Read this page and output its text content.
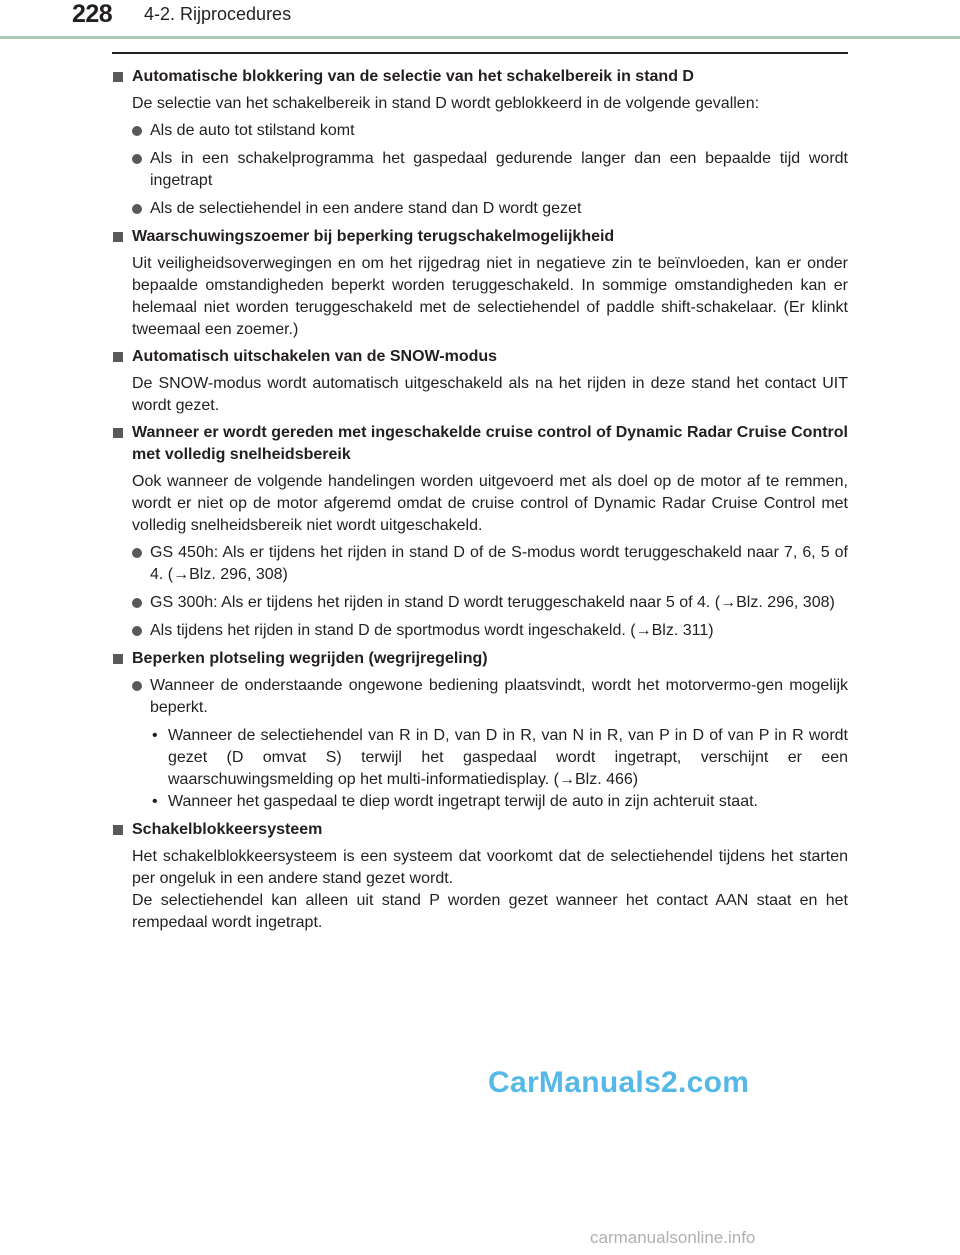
228 4-2. Rijprocedures
Automatische blokkering van de selectie van het schakelbereik in stand D
De selectie van het schakelbereik in stand D wordt geblokkeerd in de volgende gevallen:
Als de auto tot stilstand komt
Als in een schakelprogramma het gaspedaal gedurende langer dan een bepaalde tijd wordt ingetrapt
Als de selectiehendel in een andere stand dan D wordt gezet
Waarschuwingszoemer bij beperking terugschakelmogelijkheid
Uit veiligheidsoverwegingen en om het rijgedrag niet in negatieve zin te beïnvloeden, kan er onder bepaalde omstandigheden beperkt worden teruggeschakeld. In sommige omstandigheden kan er helemaal niet worden teruggeschakeld met de selectiehendel of paddle shift-schakelaar. (Er klinkt tweemaal een zoemer.)
Automatisch uitschakelen van de SNOW-modus
De SNOW-modus wordt automatisch uitgeschakeld als na het rijden in deze stand het contact UIT wordt gezet.
Wanneer er wordt gereden met ingeschakelde cruise control of Dynamic Radar Cruise Control met volledig snelheidsbereik
Ook wanneer de volgende handelingen worden uitgevoerd met als doel op de motor af te remmen, wordt er niet op de motor afgeremd omdat de cruise control of Dynamic Radar Cruise Control met volledig snelheidsbereik niet wordt uitgeschakeld.
GS 450h: Als er tijdens het rijden in stand D of de S-modus wordt teruggeschakeld naar 7, 6, 5 of 4. (→Blz. 296, 308)
GS 300h: Als er tijdens het rijden in stand D wordt teruggeschakeld naar 5 of 4. (→Blz. 296, 308)
Als tijdens het rijden in stand D de sportmodus wordt ingeschakeld. (→Blz. 311)
Beperken plotseling wegrijden (wegrijregeling)
Wanneer de onderstaande ongewone bediening plaatsvindt, wordt het motorvermo-gen mogelijk beperkt.
• Wanneer de selectiehendel van R in D, van D in R, van N in R, van P in D of van P in R wordt gezet (D omvat S) terwijl het gaspedaal wordt ingetrapt, verschijnt er een waarschuwingsmelding op het multi-informatiedisplay. (→Blz. 466)
• Wanneer het gaspedaal te diep wordt ingetrapt terwijl de auto in zijn achteruit staat.
Schakelblokkeersysteem
Het schakelblokkeersysteem is een systeem dat voorkomt dat de selectiehendel tijdens het starten per ongeluk in een andere stand gezet wordt.
De selectiehendel kan alleen uit stand P worden gezet wanneer het contact AAN staat en het rempedaal wordt ingetrapt.
CarManuals2.com
carmanualsonline.info
